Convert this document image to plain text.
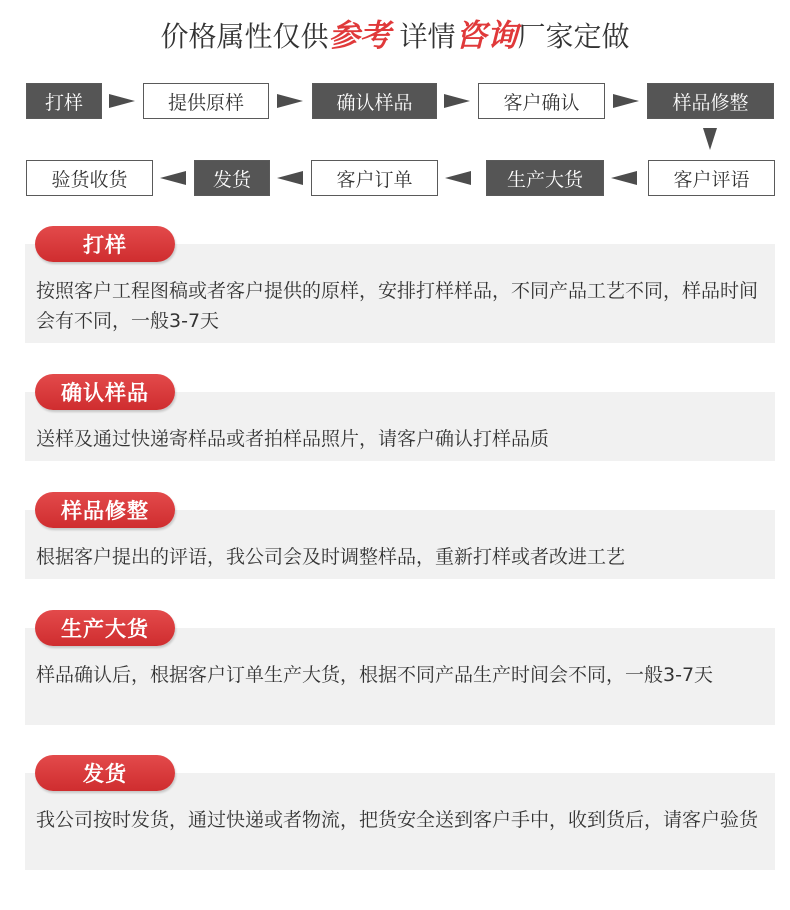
价格属性仅供参考 详情咨询厂家定做
打样	提供原样	确认样品	客户确认	样品修整
验货收货	发货	客户订单	生产大货	客户评语
按照客户工程图稿或者客户提供的原样，安排打样样品，不同产品工艺不同，样品时间会有不同，一般3-7天
打样
送样及通过快递寄样品或者拍样品照片，请客户确认打样品质
确认样品
根据客户提出的评语，我公司会及时调整样品，重新打样或者改进工艺
样品修整
样品确认后，根据客户订单生产大货，根据不同产品生产时间会不同，一般3-7天
生产大货
我公司按时发货，通过快递或者物流，把货安全送到客户手中，收到货后，请客户验货
发货
